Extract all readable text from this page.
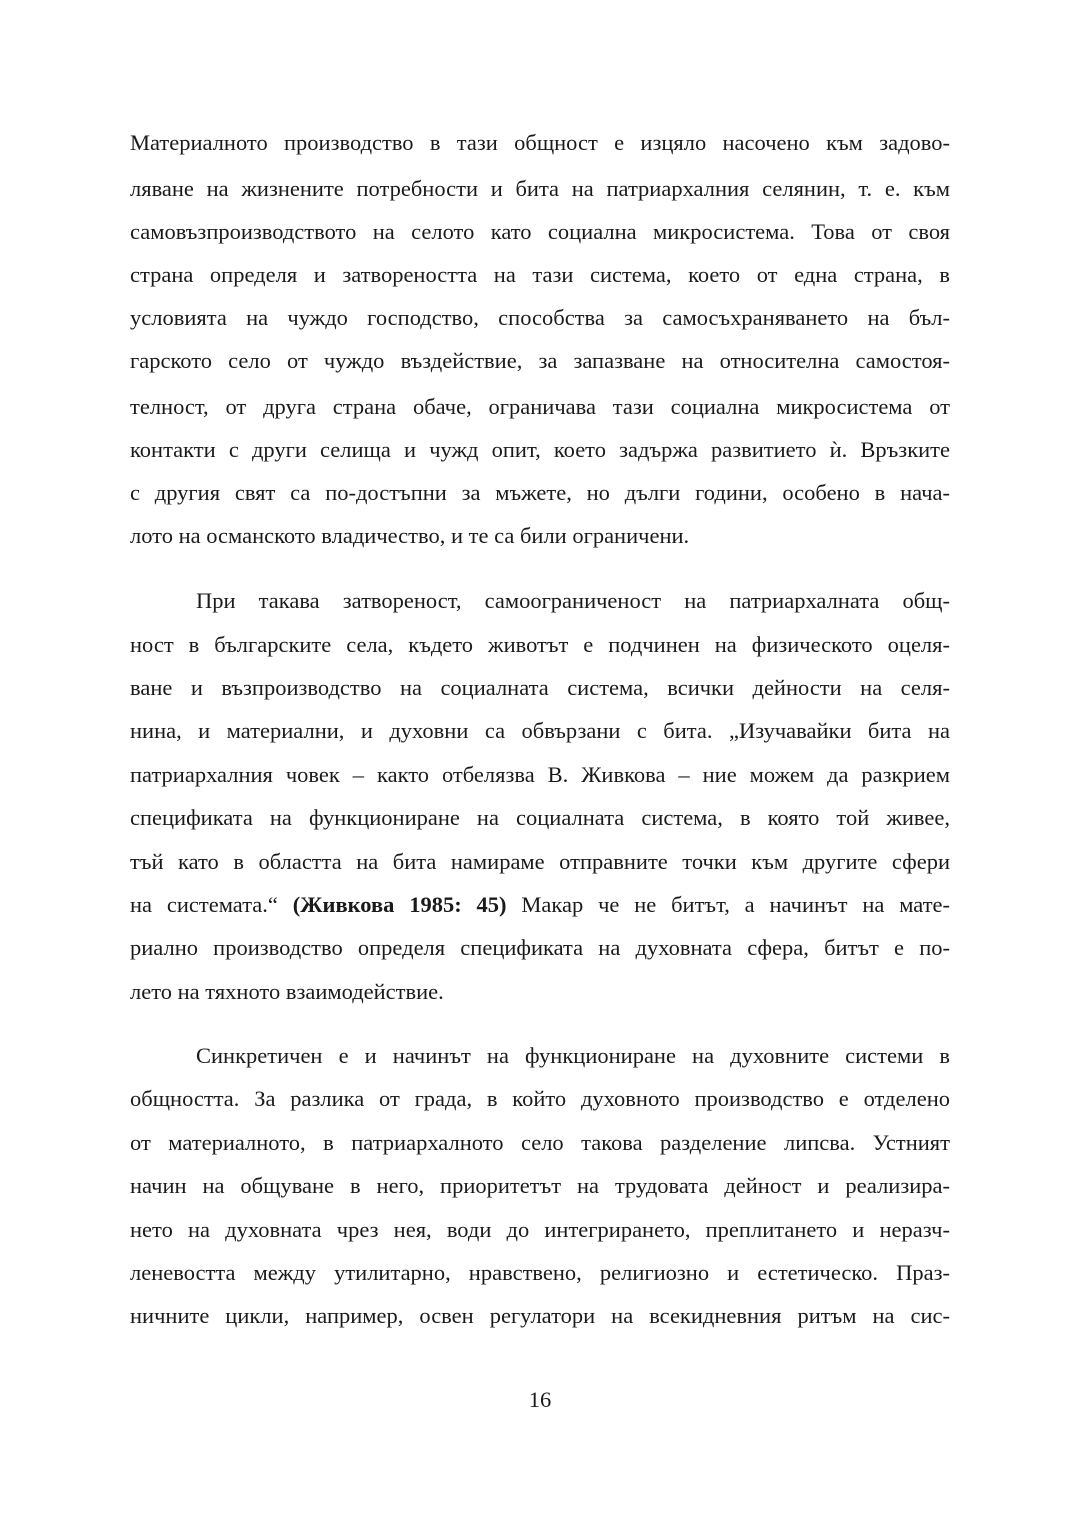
Материалното производство в тази общност е изцяло насочено към задово-
ляване на жизнените потребности и бита на патриархалния селянин, т. е. към
самовъзпроизводството на селото като социална микросистема. Това от своя
страна определя и затвореността на тази система, което от една страна, в
условията на чуждо господство, способства за самосъхраняването на бъл-
гарското село от чуждо въздействие, за запазване на относителна самостоя-
телност, от друга страна обаче, ограничава тази социална микросистема от
контакти с други селища и чужд опит, което задържа развитието ѝ. Връзките
с другия свят са по-достъпни за мъжете, но дълги години, особено в нача-
лото на османското владичество, и те са били ограничени.
При такава затвореност, самоограниченост на патриархалната общ-
ност в българските села, където животът е подчинен на физическото оцеля-
ване и възпроизводство на социалната система, всички дейности на селя-
нина, и материални, и духовни са обвързани с бита. „Изучавайки бита на
патриархалния човек – както отбелязва В. Живкова – ние можем да разкрием
спецификата на функциониране на социалната система, в която той живее,
тъй като в областта на бита намираме отправните точки към другите сфери
на системата.“ (Живкова 1985: 45) Макар че не битът, а начинът на мате-
риално производство определя спецификата на духовната сфера, битът е по-
лето на тяхното взаимодействие.
Синкретичен е и начинът на функциониране на духовните системи в
общността. За разлика от града, в който духовното производство е отделено
от материалното, в патриархалното село такова разделение липсва. Устният
начин на общуване в него, приоритетът на трудовата дейност и реализира-
нето на духовната чрез нея, води до интегрирането, преплитането и неразч-
леневостта между утилитарно, нравствено, религиозно и естетическо. Праз-
ничните цикли, например, освен регулатори на всекидневния ритъм на сис-
16
